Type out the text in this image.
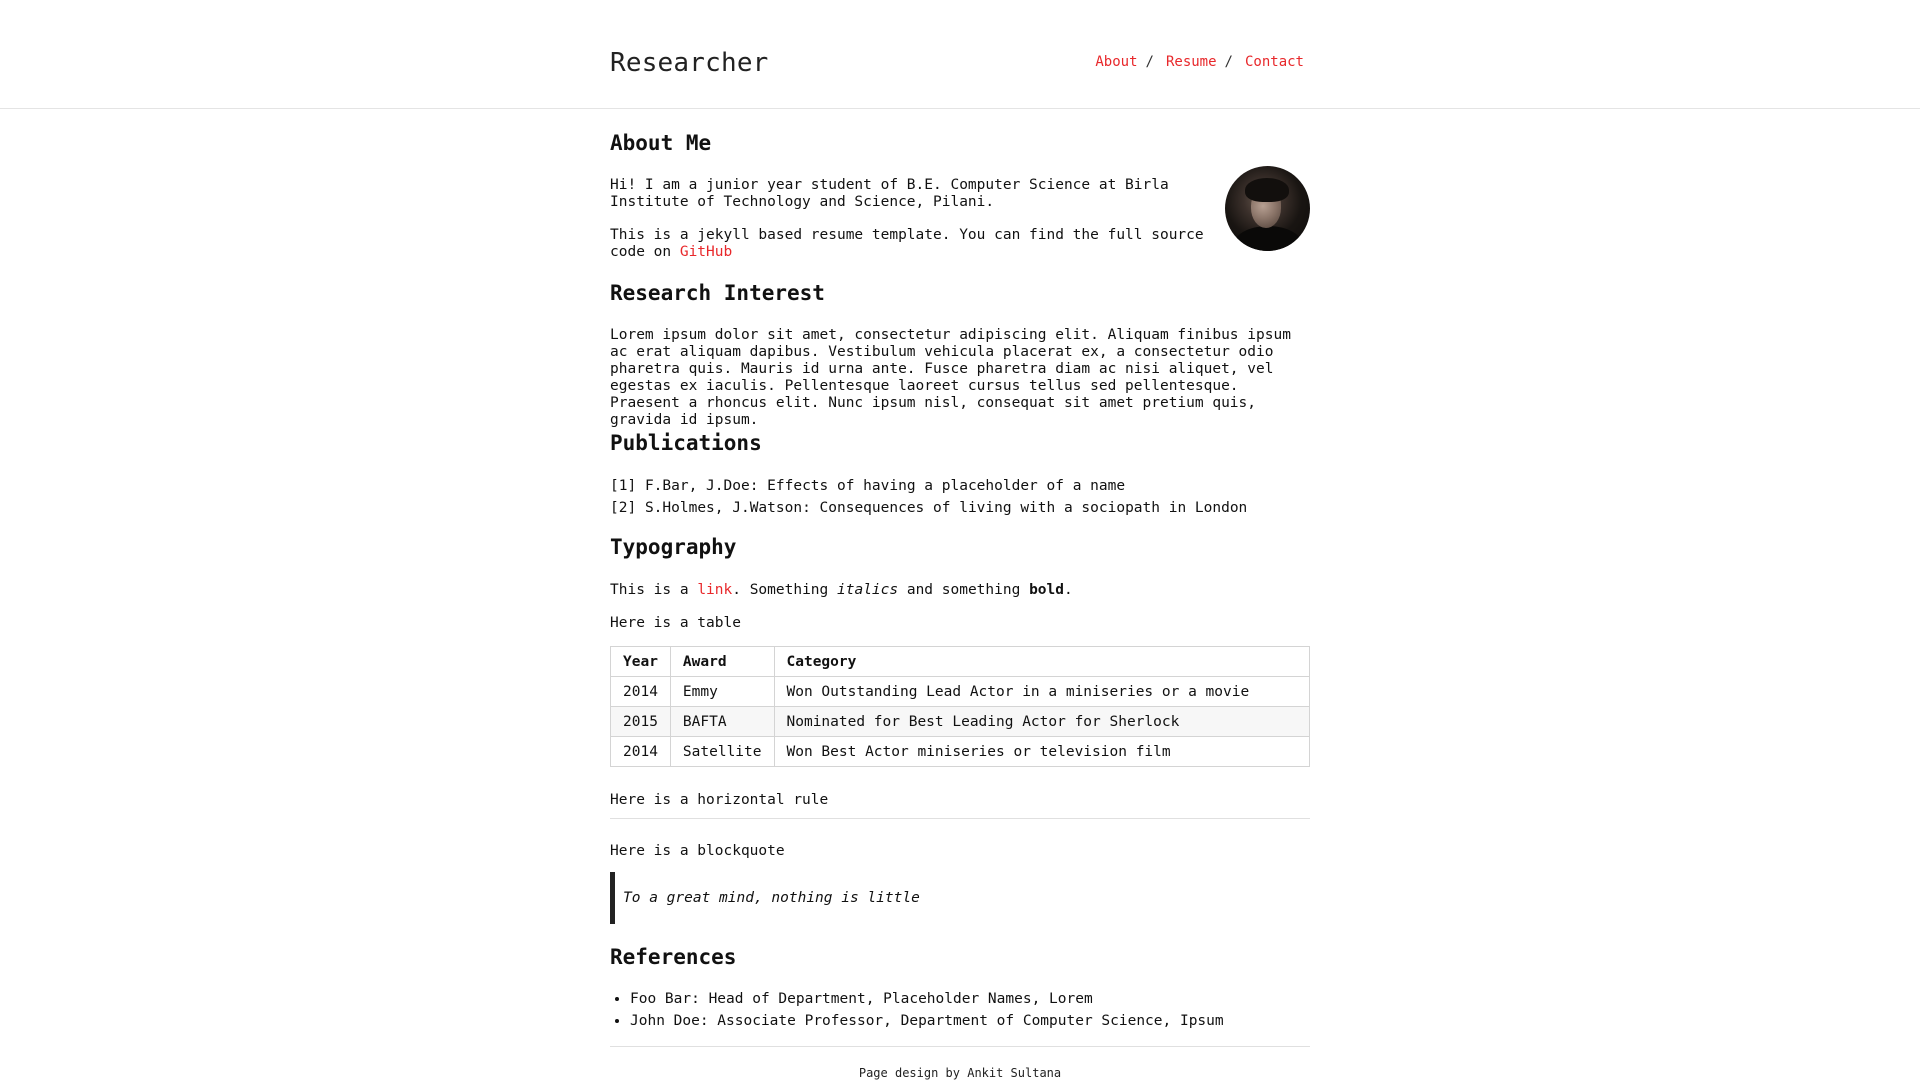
Researcher	About / Resume / Contact
About Me

Hi! I am a junior year student of B.E. Computer Science at Birla Institute of Technology and Science, Pilani.

This is a jekyll based resume template. You can find the full source code on GitHub

Research Interest

Lorem ipsum dolor sit amet, consectetur adipiscing elit. Aliquam finibus ipsum ac erat aliquam dapibus. Vestibulum vehicula placerat ex, a consectetur odio pharetra quis. Mauris id urna ante. Fusce pharetra diam ac nisi aliquet, vel egestas ex iaculis. Pellentesque laoreet cursus tellus sed pellentesque. Praesent a rhoncus elit. Nunc ipsum nisl, consequat sit amet pretium quis, gravida id ipsum.

Publications
[1] F.Bar, J.Doe: Effects of having a placeholder of a name
[2] S.Holmes, J.Watson: Consequences of living with a sociopath in London
Typography

This is a link. Something italics and something bold.

Here is a table

Year	Award	Category
2014	Emmy	Won Outstanding Lead Actor in a miniseries or a movie
2015	BAFTA	Nominated for Best Leading Actor for Sherlock
2014	Satellite	Won Best Actor miniseries or television film

Here is a horizontal rule

Here is a blockquote

To a great mind, nothing is little
References
• Foo Bar: Head of Department, Placeholder Names, Lorem
• John Doe: Associate Professor, Department of Computer Science, Ipsum
Page design by Ankit Sultana
